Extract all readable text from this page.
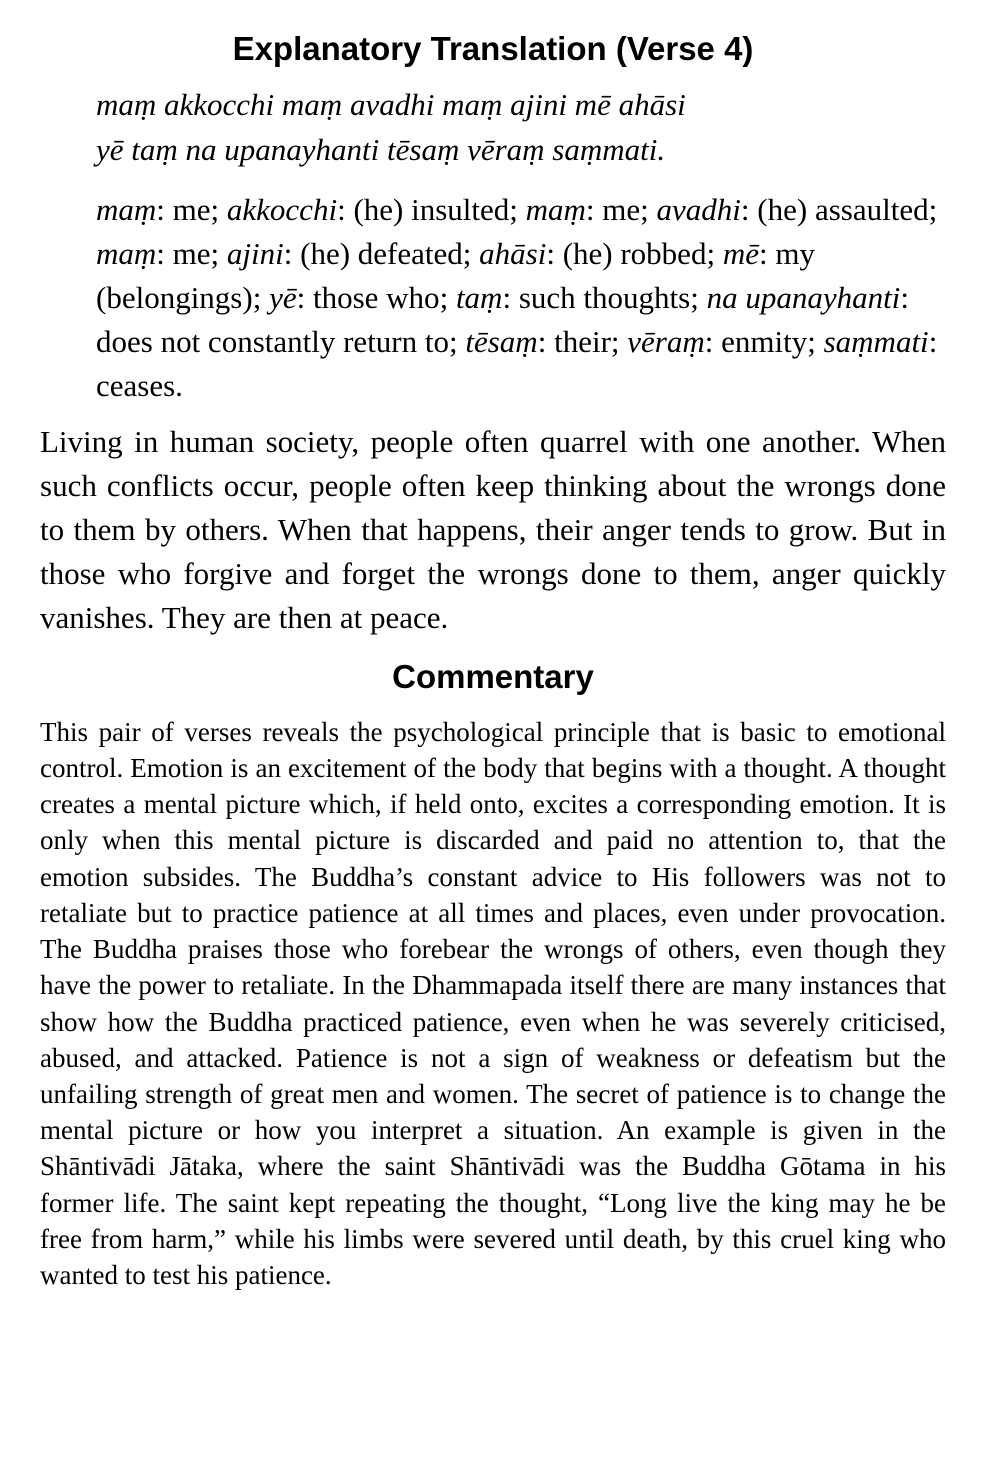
Explanatory Translation (Verse 4)
maṃ akkocchi maṃ avadhi maṃ ajini mē ahāsi
yē taṃ na upanayhanti tēsaṃ vēraṃ saṃmati.
maṃ: me; akkocchi: (he) insulted; maṃ: me; avadhi: (he) assaulted; maṃ: me; ajini: (he) defeated; ahāsi: (he) robbed; mē: my (belongings); yē: those who; taṃ: such thoughts; na upanayhanti: does not constantly return to; tēsaṃ: their; vēraṃ: enmity; saṃmati: ceases.

Living in human society, people often quarrel with one another. When such conflicts occur, people often keep thinking about the wrongs done to them by others. When that happens, their anger tends to grow. But in those who forgive and forget the wrongs done to them, anger quickly vanishes. They are then at peace.

Commentary

This pair of verses reveals the psychological principle that is basic to emotional control. Emotion is an excitement of the body that begins with a thought. A thought creates a mental picture which, if held onto, excites a corresponding emotion. It is only when this mental picture is discarded and paid no attention to, that the emotion subsides. The Buddha’s constant advice to His followers was not to retaliate but to practice patience at all times and places, even under provocation. The Buddha praises those who forebear the wrongs of others, even though they have the power to retaliate. In the Dhammapada itself there are many instances that show how the Buddha practiced patience, even when he was severely criticised, abused, and attacked. Patience is not a sign of weakness or defeatism but the unfailing strength of great men and women. The secret of patience is to change the mental picture or how you interpret a situation. An example is given in the Shāntivādi Jātaka, where the saint Shāntivādi was the Buddha Gōtama in his former life. The saint kept repeating the thought, “Long live the king may he be free from harm,” while his limbs were severed until death, by this cruel king who wanted to test his patience.
